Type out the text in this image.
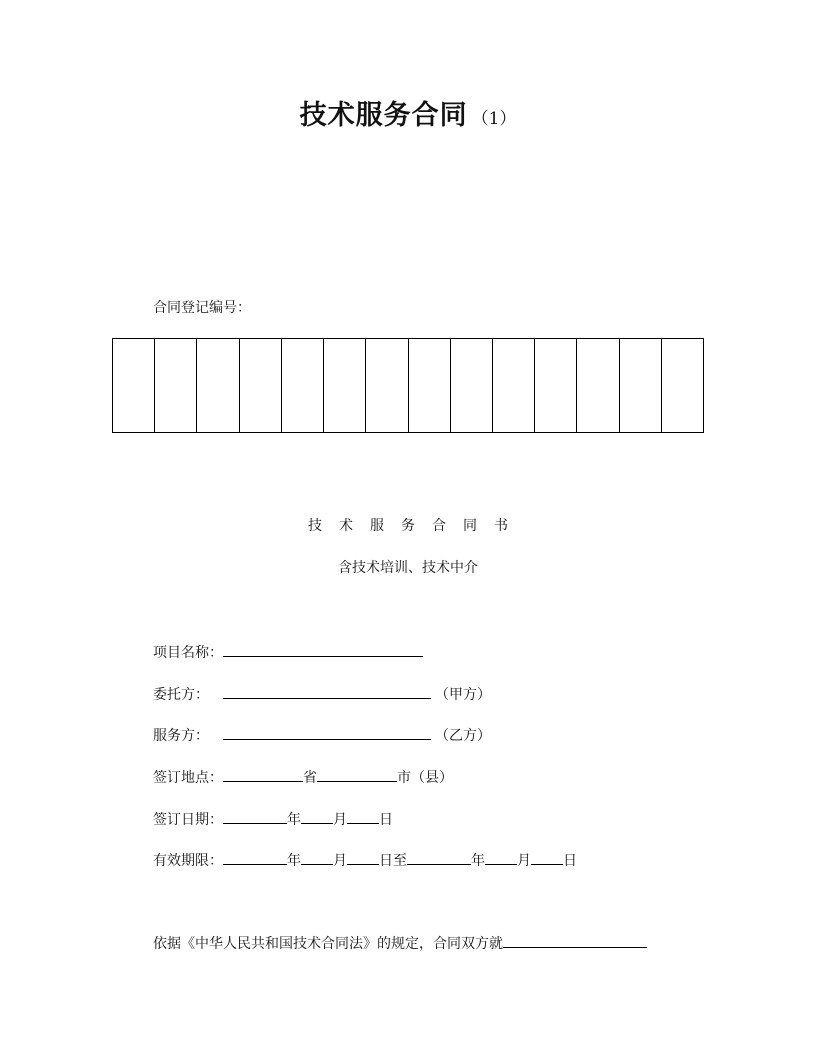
技术服务合同 （1）
合同登记编号：
技术服务合同书
含技术培训、技术中介
项目名称：
委托方：	（甲方）
服务方：	（乙方）
签订地点：	省	市（县）
签订日期：	年 月 日
有效期限：	年 月 日至	年 月 日
依据《中华人民共和国技术合同法》的规定，合同双方就
